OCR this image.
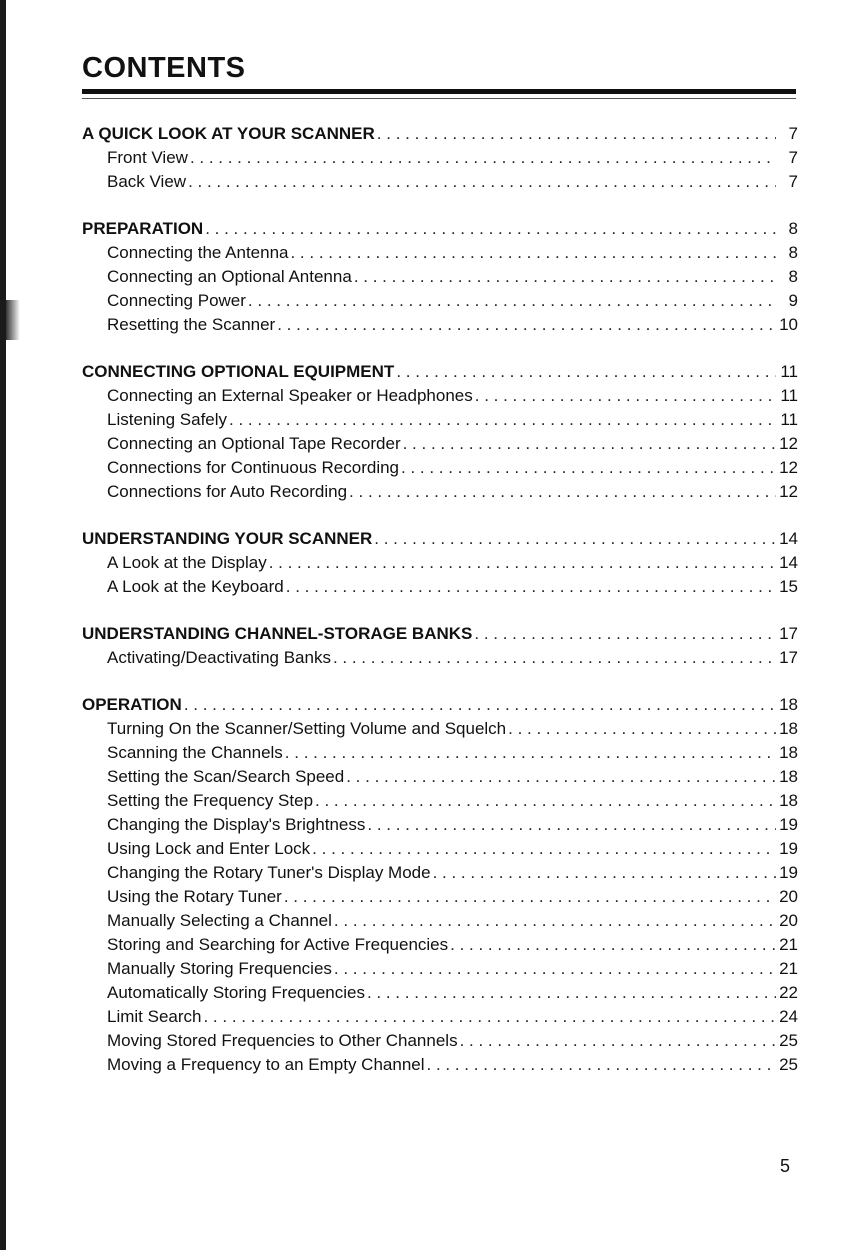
CONTENTS
A QUICK LOOK AT YOUR SCANNER . . .	7
Front View . . .	7
Back View . . .	7
PREPARATION . . .	8
Connecting the Antenna . . .	8
Connecting an Optional Antenna . . .	8
Connecting Power . . .	9
Resetting the Scanner . . .	10
CONNECTING OPTIONAL EQUIPMENT . . .	11
Connecting an External Speaker or Headphones . . .	11
Listening Safely . . .	11
Connecting an Optional Tape Recorder . . .	12
Connections for Continuous Recording . . .	12
Connections for Auto Recording . . .	12
UNDERSTANDING YOUR SCANNER . . .	14
A Look at the Display . . .	14
A Look at the Keyboard . . .	15
UNDERSTANDING CHANNEL-STORAGE BANKS . . .	17
Activating/Deactivating Banks . . .	17
OPERATION . . .	18
Turning On the Scanner/Setting Volume and Squelch . . .	18
Scanning the Channels . . .	18
Setting the Scan/Search Speed . . .	18
Setting the Frequency Step . . .	18
Changing the Display's Brightness . . .	19
Using Lock and Enter Lock . . .	19
Changing the Rotary Tuner's Display Mode . . .	19
Using the Rotary Tuner . . .	20
Manually Selecting a Channel . . .	20
Storing and Searching for Active Frequencies . . .	21
Manually Storing Frequencies . . .	21
Automatically Storing Frequencies . . .	22
Limit Search . . .	24
Moving Stored Frequencies to Other Channels . . .	25
Moving a Frequency to an Empty Channel . . .	25
5
